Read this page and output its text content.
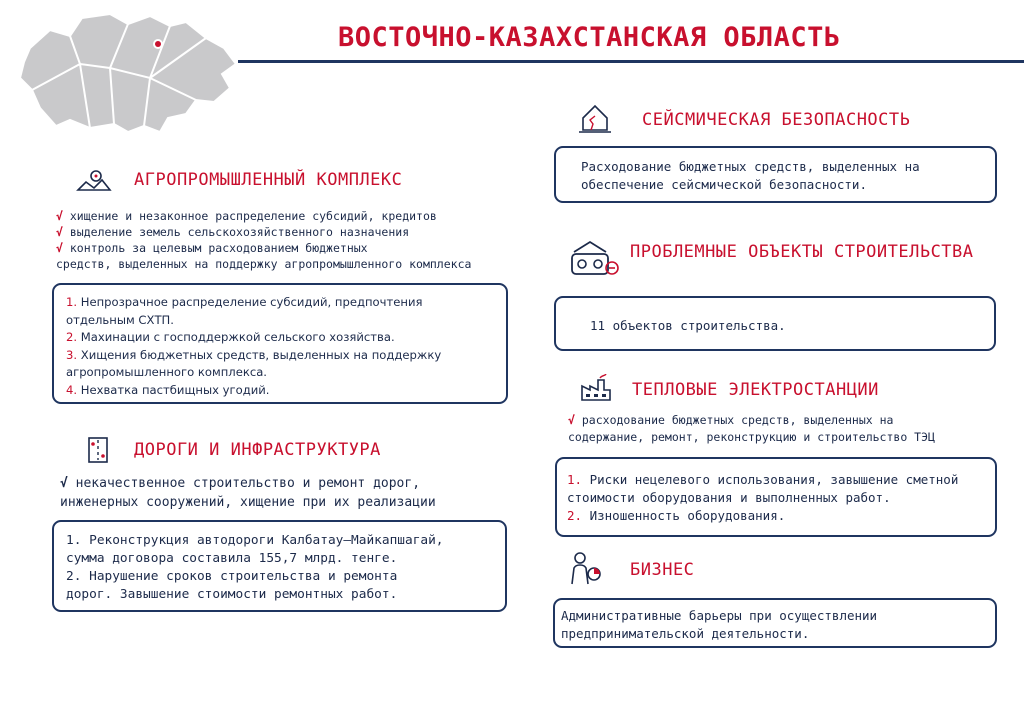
ВОСТОЧНО-КАЗАХСТАНСКАЯ ОБЛАСТЬ
АГРОПРОМЫШЛЕННЫЙ КОМПЛЕКС

√ хищение и незаконное распределение субсидий, кредитов

√ выделение земель сельскохозяйственного назначения

√ контроль за целевым расходованием бюджетных

средств, выделенных на поддержку агропромышленного комплекса

1. Непрозрачное распределение субсидий, предпочтения

отдельным СХТП.

2. Махинации с господдержкой сельского хозяйства.

3. Хищения бюджетных средств, выделенных на поддержку

агропромышленного комплекса.

4. Нехватка пастбищных угодий.

ДОРОГИ И ИНФРАСТРУКТУРА

√ некачественное строительство и ремонт дорог,

инженерных сооружений, хищение при их реализации

1. Реконструкция автодороги Калбатау–Майкапшагай,

сумма договора составила 155,7 млрд. тенге.

2. Нарушение сроков строительства и ремонта

дорог. Завышение стоимости ремонтных работ.

СЕЙСМИЧЕСКАЯ БЕЗОПАСНОСТЬ

Расходование бюджетных средств, выделенных на

обеспечение сейсмической безопасности.

ПРОБЛЕМНЫЕ ОБЪЕКТЫ СТРОИТЕЛЬСТВА
11 объектов строительства.
ТЕПЛОВЫЕ ЭЛЕКТРОСТАНЦИИ

√ расходование бюджетных средств, выделенных на

содержание, ремонт, реконструкцию и строительство ТЭЦ

1. Риски нецелевого использования, завышение сметной

стоимости оборудования и выполненных работ.

2. Изношенность оборудования.

БИЗНЕС

Административные барьеры при осуществлении

предпринимательской деятельности.
